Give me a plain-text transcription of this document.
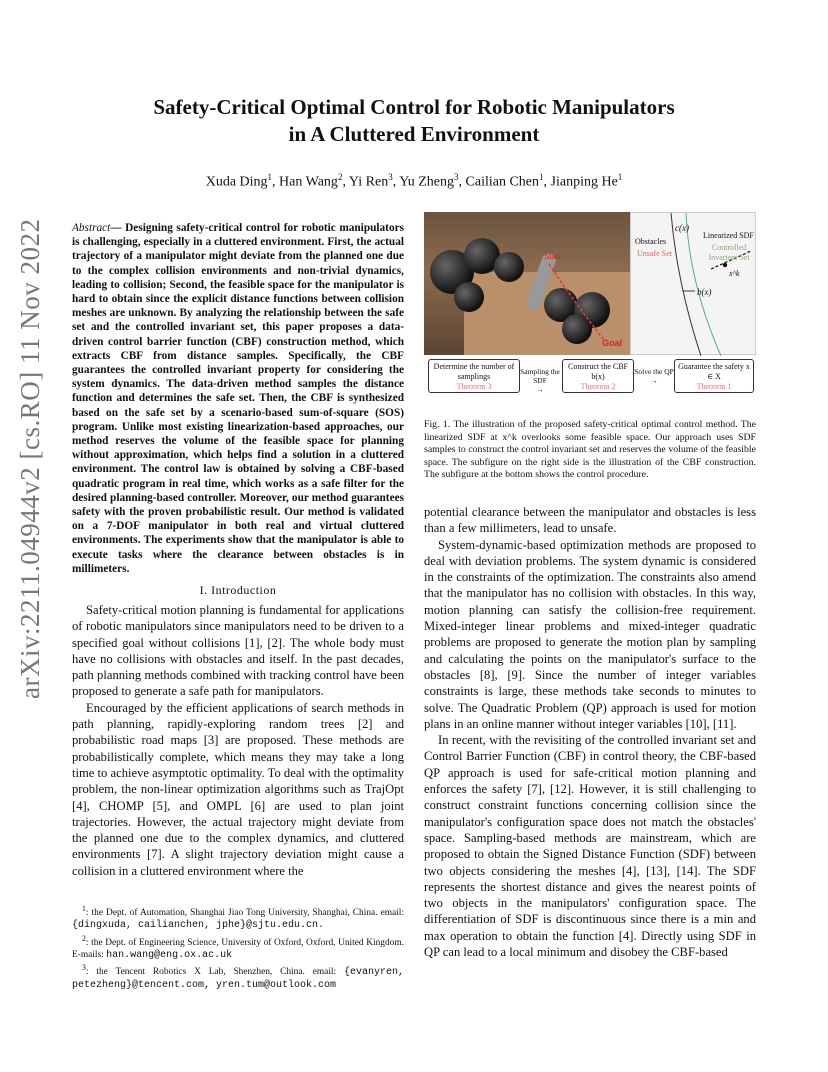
arXiv:2211.04944v2 [cs.RO] 11 Nov 2022
Safety-Critical Optimal Control for Robotic Manipulators
in A Cluttered Environment
Xuda Ding$^1$, Han Wang$^2$, Yi Ren$^3$, Yu Zheng$^3$, Cailian Chen$^1$, Jianping He$^1$
Abstract— Designing safety-critical control for robotic manipulators is challenging, especially in a cluttered environment. First, the actual trajectory of a manipulator might deviate from the planned one due to the complex collision environments and non-trivial dynamics, leading to collision; Second, the feasible space for the manipulator is hard to obtain since the explicit distance functions between collision meshes are unknown. By analyzing the relationship between the safe set and the controlled invariant set, this paper proposes a data-driven control barrier function (CBF) construction method, which extracts CBF from distance samples. Specifically, the CBF guarantees the controlled invariant property for considering the system dynamics. The data-driven method samples the distance function and determines the safe set. Then, the CBF is synthesized based on the safe set by a scenario-based sum-of-square (SOS) program. Unlike most existing linearization-based approaches, our method reserves the volume of the feasible space for planning without approximation, which helps find a solution in a cluttered environment. The control law is obtained by solving a CBF-based quadratic program in real time, which works as a safe filter for the desired planning-based controller. Moreover, our method guarantees safety with the proven probabilistic result. Our method is validated on a 7-DOF manipulator in both real and virtual cluttered environments. The experiments show that the manipulator is able to execute tasks where the clearance between obstacles is in millimeters.
I. Introduction

Safety-critical motion planning is fundamental for applications of robotic manipulators since manipulators need to be driven to a specified goal without collisions [1], [2]. The whole body must have no collisions with obstacles and itself. In the past decades, path planning methods combined with tracking control have been proposed to generate a safe path for manipulators.

Encouraged by the efficient applications of search methods in path planning, rapidly-exploring random trees [2] and probabilistic road maps [3] are proposed. These methods are probabilistically complete, which means they may take a long time to achieve asymptotic optimality. To deal with the optimality problem, the non-linear optimization algorithms such as TrajOpt [4], CHOMP [5], and OMPL [6] are used to plan joint trajectories. However, the actual trajectory might deviate from the planned one due to the complex dynamics, and cluttered environments [7]. A slight trajectory deviation might cause a collision in a cluttered environment where the

$^1$: the Dept. of Automation, Shanghai Jiao Tong University, Shanghai, China. email: {dingxuda, cailianchen, jphe}@sjtu.edu.cn.

$^2$: the Dept. of Engineering Science, University of Oxford, Oxford, United Kingdom. E-mails: han.wang@eng.ox.ac.uk

$^3$: the Tencent Robotics X Lab, Shenzhen, China. email: {evanyren, petezheng}@tencent.com, yren.tum@outlook.com

Start
Goal
c(x)
Obstacles
Unsafe Set
Linearized SDF
Controlled Invariant Set
x^k
b(x)
Determine the number of samplings
Theorem 3
Sampling the SDF
→
Construct the CBF b(x)
Theorem 2
Solve the QP
→
Guarantee the safety x ∈ X
Theorem 1
Fig. 1. The illustration of the proposed safety-critical optimal control method. The linearized SDF at x^k overlooks some feasible space. Our approach uses SDF samples to construct the control invariant set and reserves the volume of the feasible space. The subfigure on the right side is the illustration of the CBF construction. The subfigure at the bottom shows the control procedure.

potential clearance between the manipulator and obstacles is less than a few millimeters, lead to unsafe.

System-dynamic-based optimization methods are proposed to deal with deviation problems. The system dynamic is considered in the constraints of the optimization. The constraints also amend that the manipulator has no collision with obstacles. In this way, motion planning can satisfy the collision-free requirement. Mixed-integer linear problems and mixed-integer quadratic problems are proposed to generate the motion plan by sampling and calculating the points on the manipulator's surface to the obstacles [8], [9]. Since the number of integer variables constraints is large, these methods take seconds to minutes to solve. The Quadratic Problem (QP) approach is used for motion plans in an online manner without integer variables [10], [11].

In recent, with the revisiting of the controlled invariant set and Control Barrier Function (CBF) in control theory, the CBF-based QP approach is used for safe-critical motion planning and enforces the safety [7], [12]. However, it is still challenging to construct constraint functions concerning collision since the manipulator's configuration space does not match the obstacles' space. Sampling-based methods are mainstream, which are proposed to obtain the Signed Distance Function (SDF) between two objects considering the meshes [4], [13], [14]. The SDF represents the shortest distance and gives the nearest points of two objects in the manipulators' configuration space. The differentiation of SDF is discontinuous since there is a min and max operation to obtain the function [4]. Directly using SDF in QP can lead to a local minimum and disobey the CBF-based
